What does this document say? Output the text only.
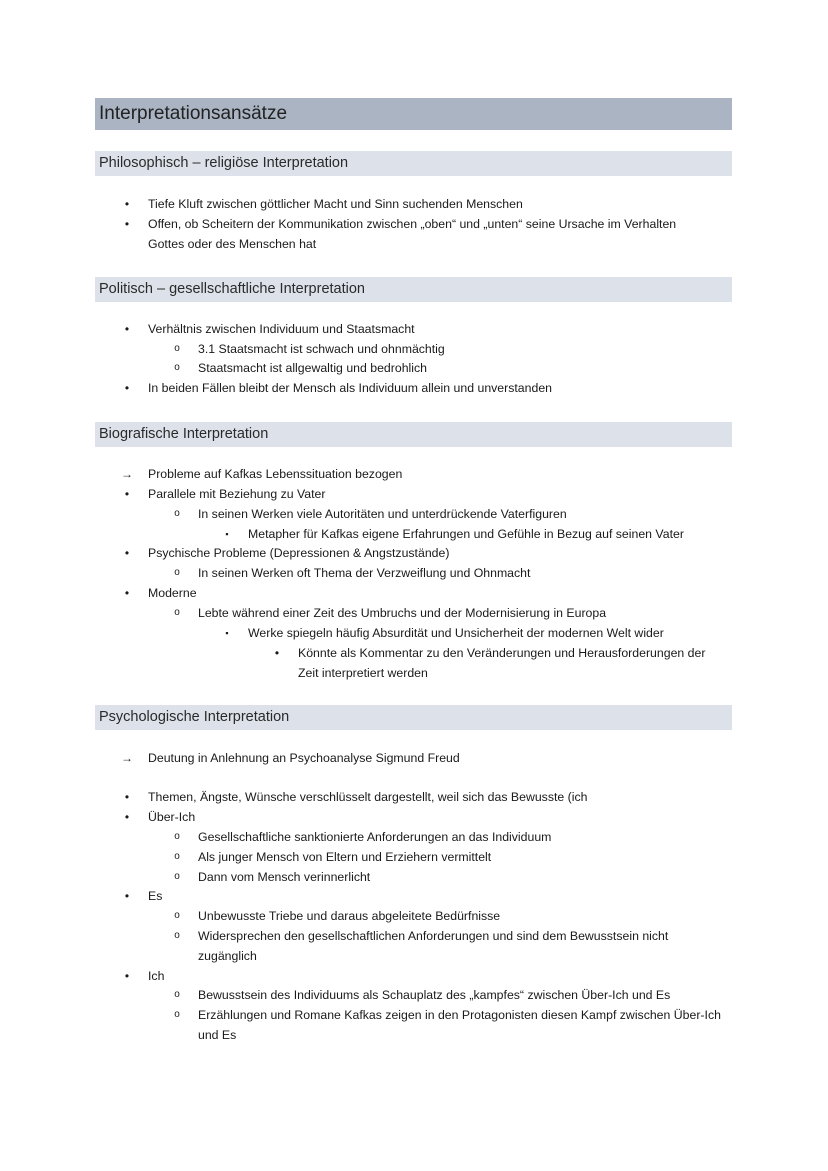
Interpretationsansätze
Philosophisch – religiöse Interpretation
•	Tiefe Kluft zwischen göttlicher Macht und Sinn suchenden Menschen
•	Offen, ob Scheitern der Kommunikation zwischen „oben“ und „unten“ seine Ursache im Verhalten
Gottes oder des Menschen hat
Politisch – gesellschaftliche Interpretation
•	Verhältnis zwischen Individuum und Staatsmacht
o	3.1 Staatsmacht ist schwach und ohnmächtig
o	Staatsmacht ist allgewaltig und bedrohlich
•	In beiden Fällen bleibt der Mensch als Individuum allein und unverstanden
Biografische Interpretation
→ Probleme auf Kafkas Lebenssituation bezogen
•	Parallele mit Beziehung zu Vater
o	In seinen Werken viele Autoritäten und unterdrückende Vaterfiguren
▪	Metapher für Kafkas eigene Erfahrungen und Gefühle in Bezug auf seinen Vater
•	Psychische Probleme (Depressionen & Angstzustände)
o	In seinen Werken oft Thema der Verzweiflung und Ohnmacht
•	Moderne
o	Lebte während einer Zeit des Umbruchs und der Modernisierung in Europa
▪	Werke spiegeln häufig Absurdität und Unsicherheit der modernen Welt wider
•	Könnte als Kommentar zu den Veränderungen und Herausforderungen der
Zeit interpretiert werden
Psychologische Interpretation
→ Deutung in Anlehnung an Psychoanalyse Sigmund Freud
•	Themen, Ängste, Wünsche verschlüsselt dargestellt, weil sich das Bewusste (ich
•	Über-Ich
o	Gesellschaftliche sanktionierte Anforderungen an das Individuum
o	Als junger Mensch von Eltern und Erziehern vermittelt
o	Dann vom Mensch verinnerlicht
•	Es
o	Unbewusste Triebe und daraus abgeleitete Bedürfnisse
o	Widersprechen den gesellschaftlichen Anforderungen und sind dem Bewusstsein nicht
zugänglich
•	Ich
o	Bewusstsein des Individuums als Schauplatz des „kampfes“ zwischen Über-Ich und Es
o	Erzählungen und Romane Kafkas zeigen in den Protagonisten diesen Kampf zwischen Über-Ich
und Es
